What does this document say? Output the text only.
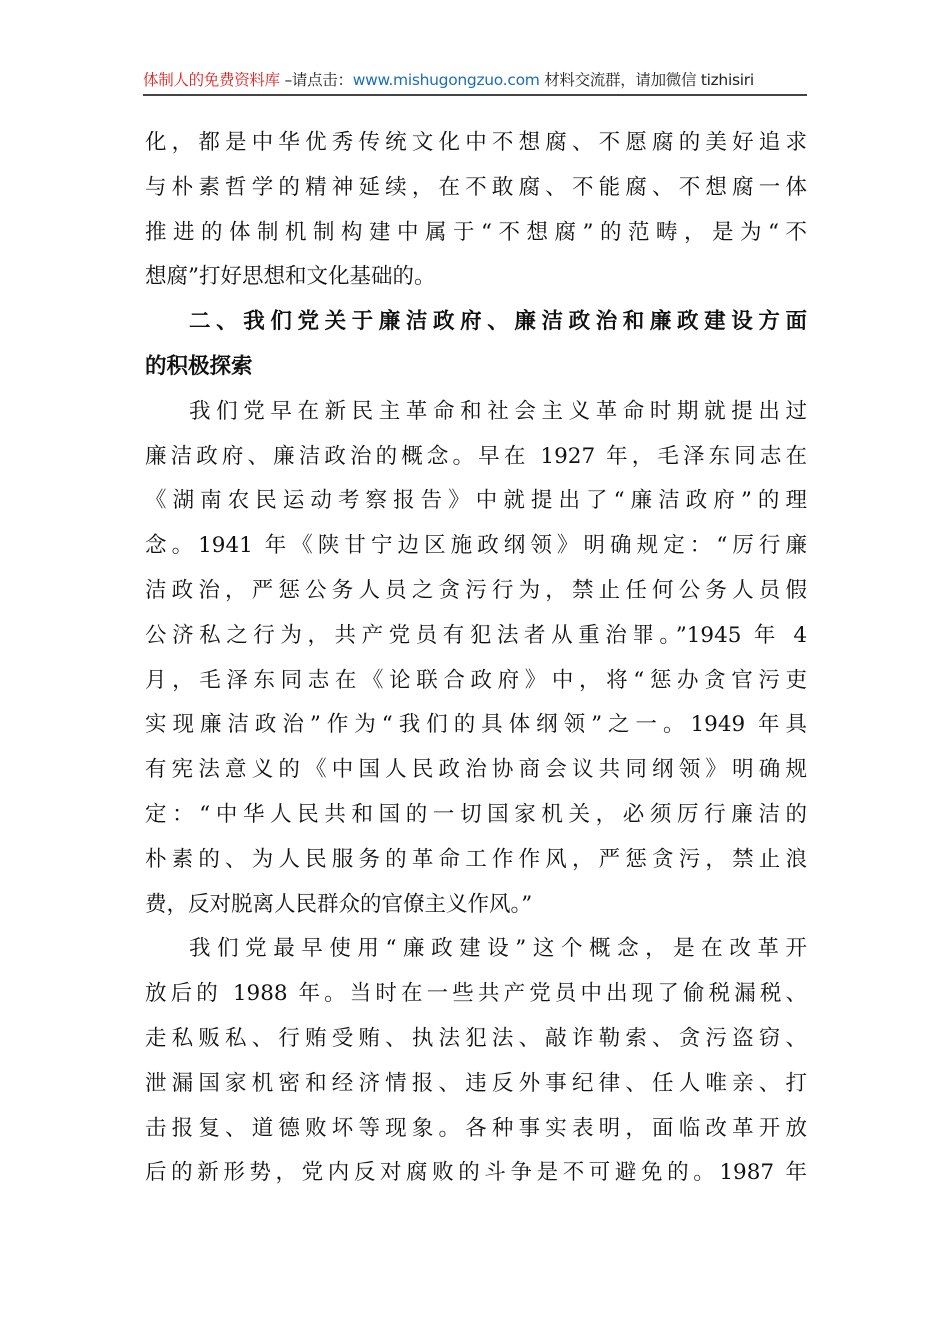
体制人的免费资料库 –请点击：www.mishugongzuo.com 材料交流群，请加微信 tizhisiri
化，都是中华优秀传统文化中不想腐、不愿腐的美好追求
与朴素哲学的精神延续，在不敢腐、不能腐、不想腐一体
推进的体制机制构建中属于“不想腐”的范畴，是为“不
想腐”打好思想和文化基础的。
二、我们党关于廉洁政府、廉洁政治和廉政建设方面
的积极探索
我们党早在新民主革命和社会主义革命时期就提出过
廉洁政府、廉洁政治的概念。早在 1927 年，毛泽东同志在
《湖南农民运动考察报告》中就提出了“廉洁政府”的理
念。1941 年《陕甘宁边区施政纲领》明确规定：“厉行廉
洁政治，严惩公务人员之贪污行为，禁止任何公务人员假
公济私之行为，共产党员有犯法者从重治罪。”1945 年 4
月，毛泽东同志在《论联合政府》中，将“惩办贪官污吏
实现廉洁政治”作为“我们的具体纲领”之一。1949 年具
有宪法意义的《中国人民政治协商会议共同纲领》明确规
定：“中华人民共和国的一切国家机关，必须厉行廉洁的
朴素的、为人民服务的革命工作作风，严惩贪污，禁止浪
费，反对脱离人民群众的官僚主义作风。”
我们党最早使用“廉政建设”这个概念，是在改革开
放后的 1988 年。当时在一些共产党员中出现了偷税漏税、
走私贩私、行贿受贿、执法犯法、敲诈勒索、贪污盗窃、
泄漏国家机密和经济情报、违反外事纪律、任人唯亲、打
击报复、道德败坏等现象。各种事实表明，面临改革开放
后的新形势，党内反对腐败的斗争是不可避免的。1987 年
